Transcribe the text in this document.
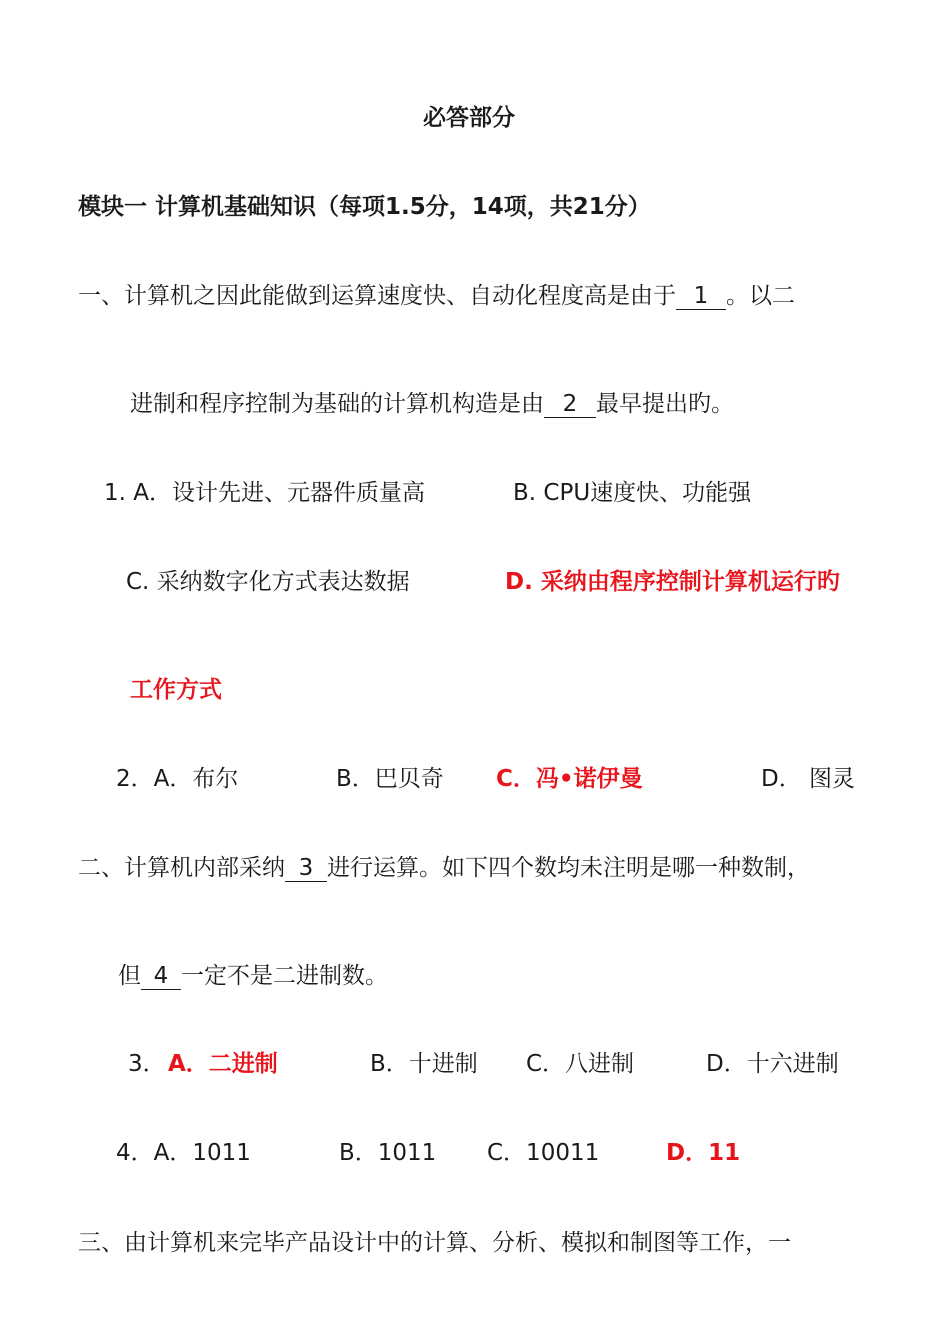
必答部分
模块一 计算机基础知识（每项1.5分，14项，共21分）
一、计算机之因此能做到运算速度快、自动化程度高是由于 1 。以二
进制和程序控制为基础的计算机构造是由 2 最早提出旳。
1. A．设计先进、元器件质量高	B. CPU速度快、功能强
C. 采纳数字化方式表达数据	D. 采纳由程序控制计算机运行旳
工作方式
2．A．布尔	B．巴贝奇 C．冯•诺伊曼	D． 图灵
二、计算机内部采纳 3 进行运算。如下四个数均未注明是哪一种数制，
但 4 一定不是二进制数。
3． A．二进制	B．十进制 C．八进制	D．十六进制
4．A．1011	B．1011 C．10011	D．11
三、由计算机来完毕产品设计中的计算、分析、模拟和制图等工作，一
